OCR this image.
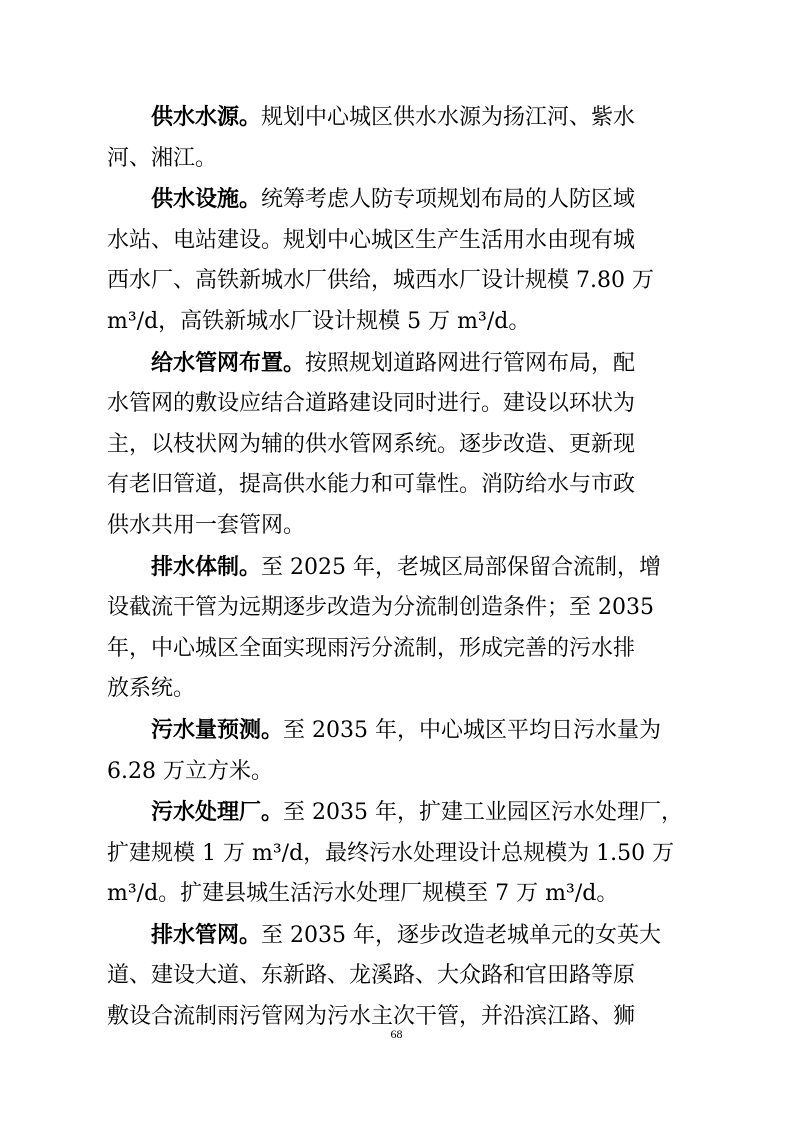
供水水源。规划中心城区供水水源为扬江河、紫水
河、湘江。

供水设施。统筹考虑人防专项规划布局的人防区域
水站、电站建设。规划中心城区生产生活用水由现有城
西水厂、高铁新城水厂供给，城西水厂设计规模 7.80 万
m³/d，高铁新城水厂设计规模 5 万 m³/d。

给水管网布置。按照规划道路网进行管网布局，配
水管网的敷设应结合道路建设同时进行。建设以环状为
主，以枝状网为辅的供水管网系统。逐步改造、更新现
有老旧管道，提高供水能力和可靠性。消防给水与市政
供水共用一套管网。

排水体制。至 2025 年，老城区局部保留合流制，增
设截流干管为远期逐步改造为分流制创造条件；至 2035
年，中心城区全面实现雨污分流制，形成完善的污水排
放系统。

污水量预测。至 2035 年，中心城区平均日污水量为
6.28 万立方米。

污水处理厂。至 2035 年，扩建工业园区污水处理厂，
扩建规模 1 万 m³/d，最终污水处理设计总规模为 1.50 万
m³/d。扩建县城生活污水处理厂规模至 7 万 m³/d。

排水管网。至 2035 年，逐步改造老城单元的女英大
道、建设大道、东新路、龙溪路、大众路和官田路等原
敷设合流制雨污管网为污水主次干管，并沿滨江路、狮

68
